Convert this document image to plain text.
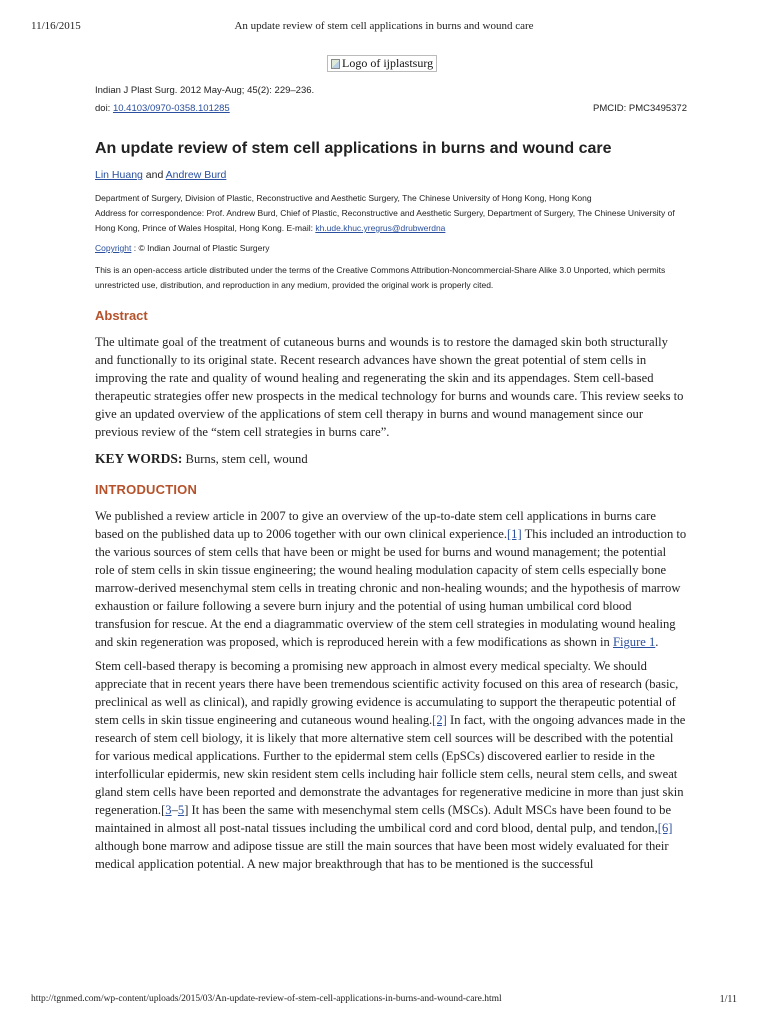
11/16/2015	An update review of stem cell applications in burns and wound care
Logo of ijplastsurg
Indian J Plast Surg. 2012 May-Aug; 45(2): 229–236.
doi: 10.4103/0970-0358.101285	PMCID: PMC3495372
An update review of stem cell applications in burns and wound care
Lin Huang and Andrew Burd
Department of Surgery, Division of Plastic, Reconstructive and Aesthetic Surgery, The Chinese University of Hong Kong, Hong Kong
Address for correspondence: Prof. Andrew Burd, Chief of Plastic, Reconstructive and Aesthetic Surgery, Department of Surgery, The Chinese University of Hong Kong, Prince of Wales Hospital, Hong Kong. E-mail: kh.ude.khuc.yregrus@drubwerdna
Copyright : © Indian Journal of Plastic Surgery
This is an open-access article distributed under the terms of the Creative Commons Attribution-Noncommercial-Share Alike 3.0 Unported, which permits unrestricted use, distribution, and reproduction in any medium, provided the original work is properly cited.
Abstract

The ultimate goal of the treatment of cutaneous burns and wounds is to restore the damaged skin both structurally and functionally to its original state. Recent research advances have shown the great potential of stem cells in improving the rate and quality of wound healing and regenerating the skin and its appendages. Stem cell-based therapeutic strategies offer new prospects in the medical technology for burns and wounds care. This review seeks to give an updated overview of the applications of stem cell therapy in burns and wound management since our previous review of the “stem cell strategies in burns care”.

KEY WORDS: Burns, stem cell, wound
INTRODUCTION

We published a review article in 2007 to give an overview of the up-to-date stem cell applications in burns care based on the published data up to 2006 together with our own clinical experience.[1] This included an introduction to the various sources of stem cells that have been or might be used for burns and wound management; the potential role of stem cells in skin tissue engineering; the wound healing modulation capacity of stem cells especially bone marrow-derived mesenchymal stem cells in treating chronic and non-healing wounds; and the hypothesis of marrow exhaustion or failure following a severe burn injury and the potential of using human umbilical cord blood transfusion for rescue. At the end a diagrammatic overview of the stem cell strategies in modulating wound healing and skin regeneration was proposed, which is reproduced herein with a few modifications as shown in Figure 1.

Stem cell-based therapy is becoming a promising new approach in almost every medical specialty. We should appreciate that in recent years there have been tremendous scientific activity focused on this area of research (basic, preclinical as well as clinical), and rapidly growing evidence is accumulating to support the therapeutic potential of stem cells in skin tissue engineering and cutaneous wound healing.[2] In fact, with the ongoing advances made in the research of stem cell biology, it is likely that more alternative stem cell sources will be described with the potential for various medical applications. Further to the epidermal stem cells (EpSCs) discovered earlier to reside in the interfollicular epidermis, new skin resident stem cells including hair follicle stem cells, neural stem cells, and sweat gland stem cells have been reported and demonstrate the advantages for regenerative medicine in more than just skin regeneration.[3–5] It has been the same with mesenchymal stem cells (MSCs). Adult MSCs have been found to be maintained in almost all post-natal tissues including the umbilical cord and cord blood, dental pulp, and tendon,[6] although bone marrow and adipose tissue are still the main sources that have been most widely evaluated for their medical application potential. A new major breakthrough that has to be mentioned is the successful

http://tgnmed.com/wp-content/uploads/2015/03/An-update-review-of-stem-cell-applications-in-burns-and-wound-care.html	1/11
